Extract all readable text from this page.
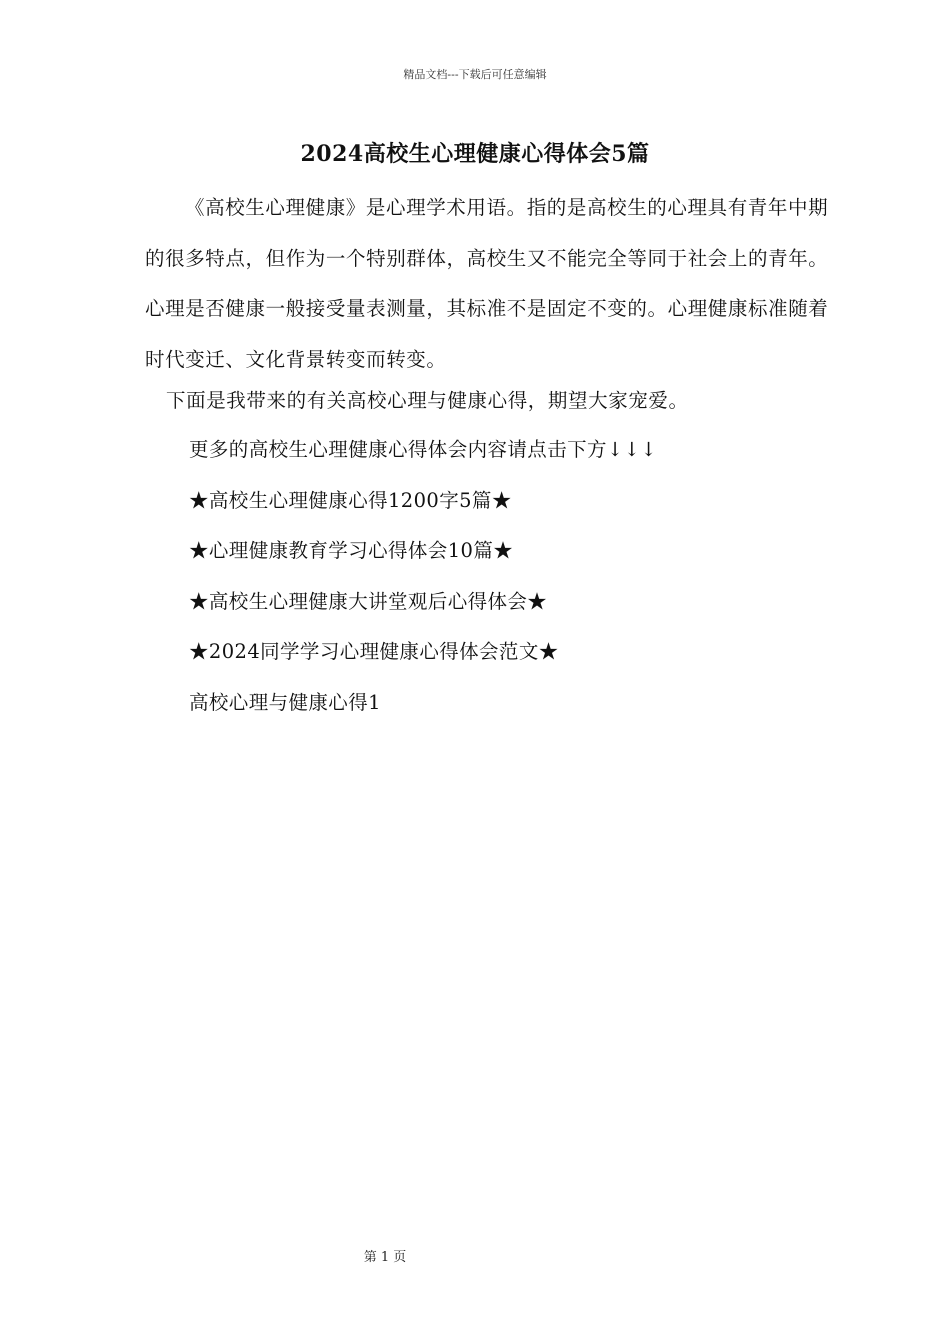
精品文档---下载后可任意编辑
2024高校生心理健康心得体会5篇

《高校生心理健康》是心理学术用语。指的是高校生的心理具有青年中期的很多特点，但作为一个特别群体，高校生又不能完全等同于社会上的青年。心理是否健康一般接受量表测量，其标准不是固定不变的。心理健康标准随着时代变迁、文化背景转变而转变。

下面是我带来的有关高校心理与健康心得，期望大家宠爱。
更多的高校生心理健康心得体会内容请点击下方↓↓↓
★高校生心理健康心得1200字5篇★
★心理健康教育学习心得体会10篇★
★高校生心理健康大讲堂观后心得体会★
★2024同学学习心理健康心得体会范文★
高校心理与健康心得1
第 1 页
